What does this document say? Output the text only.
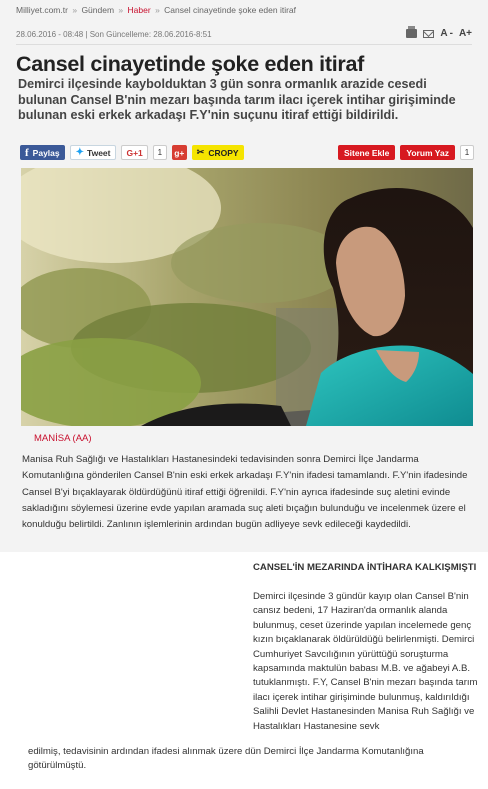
Milliyet.com.tr » Gündem » Haber » Cansel cinayetinde şoke eden itiraf
28.06.2016 - 08:48 | Son Güncelleme: 28.06.2016-8:51	A - A+
Cansel cinayetinde şoke eden itiraf

Demirci ilçesinde kaybolduktan 3 gün sonra ormanlık arazide cesedi bulunan Cansel B'nin mezarı başında tarım ilacı içerek intihar girişiminde bulunan eski erkek arkadaşı F.Y'nin suçunu itiraf ettiği bildirildi.

f Paylaş ✦ Tweet	G+1	1	g+ ✂ CROPY	Sitene Ekle	Yorum Yaz	1
MANİSA (AA)

Manisa Ruh Sağlığı ve Hastalıkları Hastanesindeki tedavisinden sonra Demirci İlçe Jandarma Komutanlığına gönderilen Cansel B'nin eski erkek arkadaşı F.Y'nin ifadesi tamamlandı. F.Y'nin ifadesinde Cansel B'yi bıçaklayarak öldürdüğünü itiraf ettiği öğrenildi. F.Y'nin ayrıca ifadesinde suç aletini evinde sakladığını söylemesi üzerine evde yapılan aramada suç aleti bıçağın bulunduğu ve incelenmek üzere el konulduğu belirtildi. Zanlının işlemlerinin ardından bugün adliyeye sevk edileceği kaydedildi.

CANSEL'İN MEZARINDA İNTİHARA KALKIŞMIŞTI

Demirci ilçesinde 3 gündür kayıp olan Cansel B'nin cansız bedeni, 17 Haziran'da ormanlık alanda bulunmuş, ceset üzerinde yapılan incelemede genç kızın bıçaklanarak öldürüldüğü belirlenmişti. Demirci Cumhuriyet Savcılığının yürüttüğü soruşturma kapsamında maktulün babası M.B. ve ağabeyi A.B. tutuklanmıştı. F.Y, Cansel B'nin mezarı başında tarım ilacı içerek intihar girişiminde bulunmuş, kaldırıldığı Salihli Devlet Hastanesinden Manisa Ruh Sağlığı ve Hastalıkları Hastanesine sevk

edilmiş, tedavisinin ardından ifadesi alınmak üzere dün Demirci İlçe Jandarma Komutanlığına götürülmüştü.
